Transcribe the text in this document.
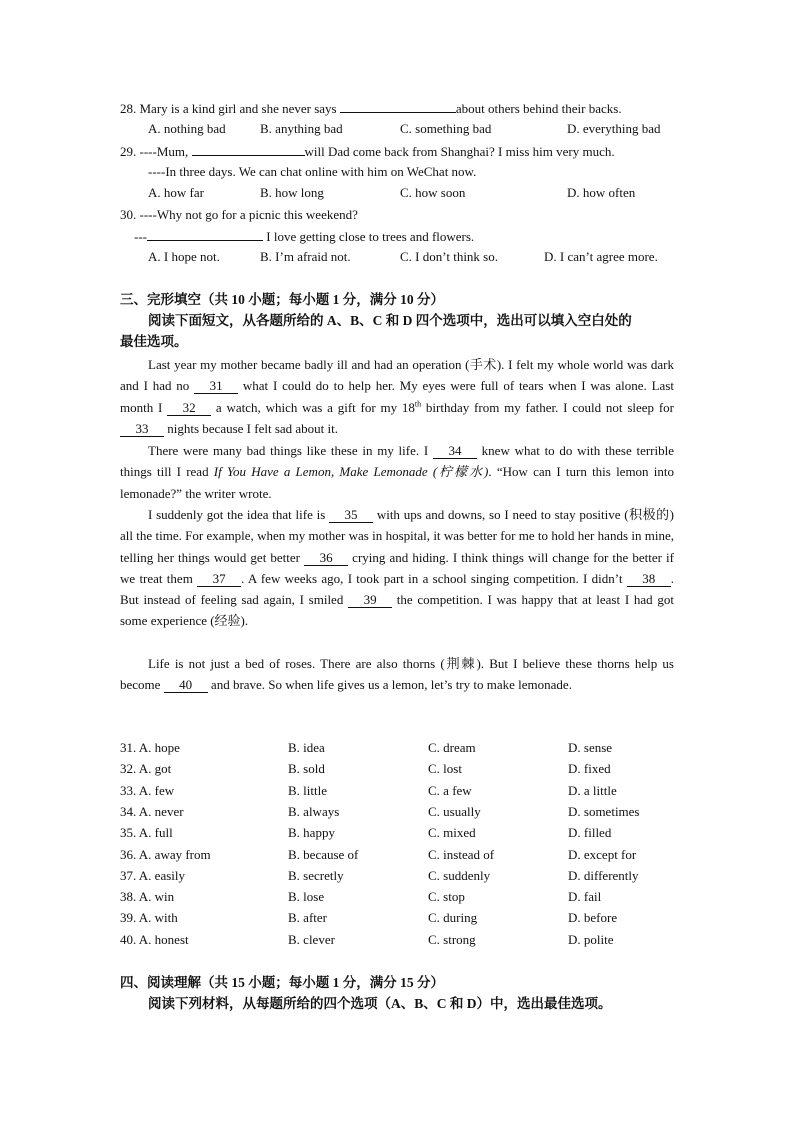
28. Mary is a kind girl and she never says	about others behind their backs.
A. nothing bad	B. anything bad	C. something bad	D. everything bad
29. ----Mum,	will Dad come back from Shanghai? I miss him very much.
----In three days. We can chat online with him on WeChat now.
A. how far	B. how long	C. how soon	D. how often
30. ----Why not go for a picnic this weekend?
---	I love getting close to trees and flowers.
A. I hope not.	B. I’m afraid not.	C. I don’t think so.	D. I can’t agree more.
三、完形填空（共 10 小题；每小题 1 分，满分 10 分）
阅读下面短文，从各题所给的 A、B、C 和 D 四个选项中，选出可以填入空白处的
最佳选项。
Last year my mother became badly ill and had an operation (手术). I felt my whole world was dark and I had no 31 what I could do to help her. My eyes were full of tears when I was alone. Last month I 32 a watch, which was a gift for my 18th birthday from my father. I could not sleep for 33 nights because I felt sad about it.
There were many bad things like these in my life. I 34 knew what to do with these terrible things till I read If You Have a Lemon, Make Lemonade (柠檬水). “How can I turn this lemon into lemonade?” the writer wrote.
I suddenly got the idea that life is 35 with ups and downs, so I need to stay positive (积极的) all the time. For example, when my mother was in hospital, it was better for me to hold her hands in mine, telling her things would get better 36 crying and hiding. I think things will change for the better if we treat them 37 . A few weeks ago, I took part in a school singing competition. I didn’t 38 . But instead of feeling sad again, I smiled 39 the competition. I was happy that at least I had got some experience (经验).
Life is not just a bed of roses. There are also thorns (荆棘). But I believe these thorns help us become 40 and brave. So when life gives us a lemon, let’s try to make lemonade.
31. A. hope	B. idea	C. dream	D. sense
32. A. got	B. sold	C. lost	D. fixed
33. A. few	B. little	C. a few	D. a little
34. A. never	B. always	C. usually	D. sometimes
35. A. full	B. happy	C. mixed	D. filled
36. A. away from	B. because of	C. instead of	D. except for
37. A. easily	B. secretly	C. suddenly	D. differently
38. A. win	B. lose	C. stop	D. fail
39. A. with	B. after	C. during	D. before
40. A. honest	B. clever	C. strong	D. polite
四、阅读理解（共 15 小题；每小题 1 分，满分 15 分）
阅读下列材料，从每题所给的四个选项（A、B、C 和 D）中，选出最佳选项。
